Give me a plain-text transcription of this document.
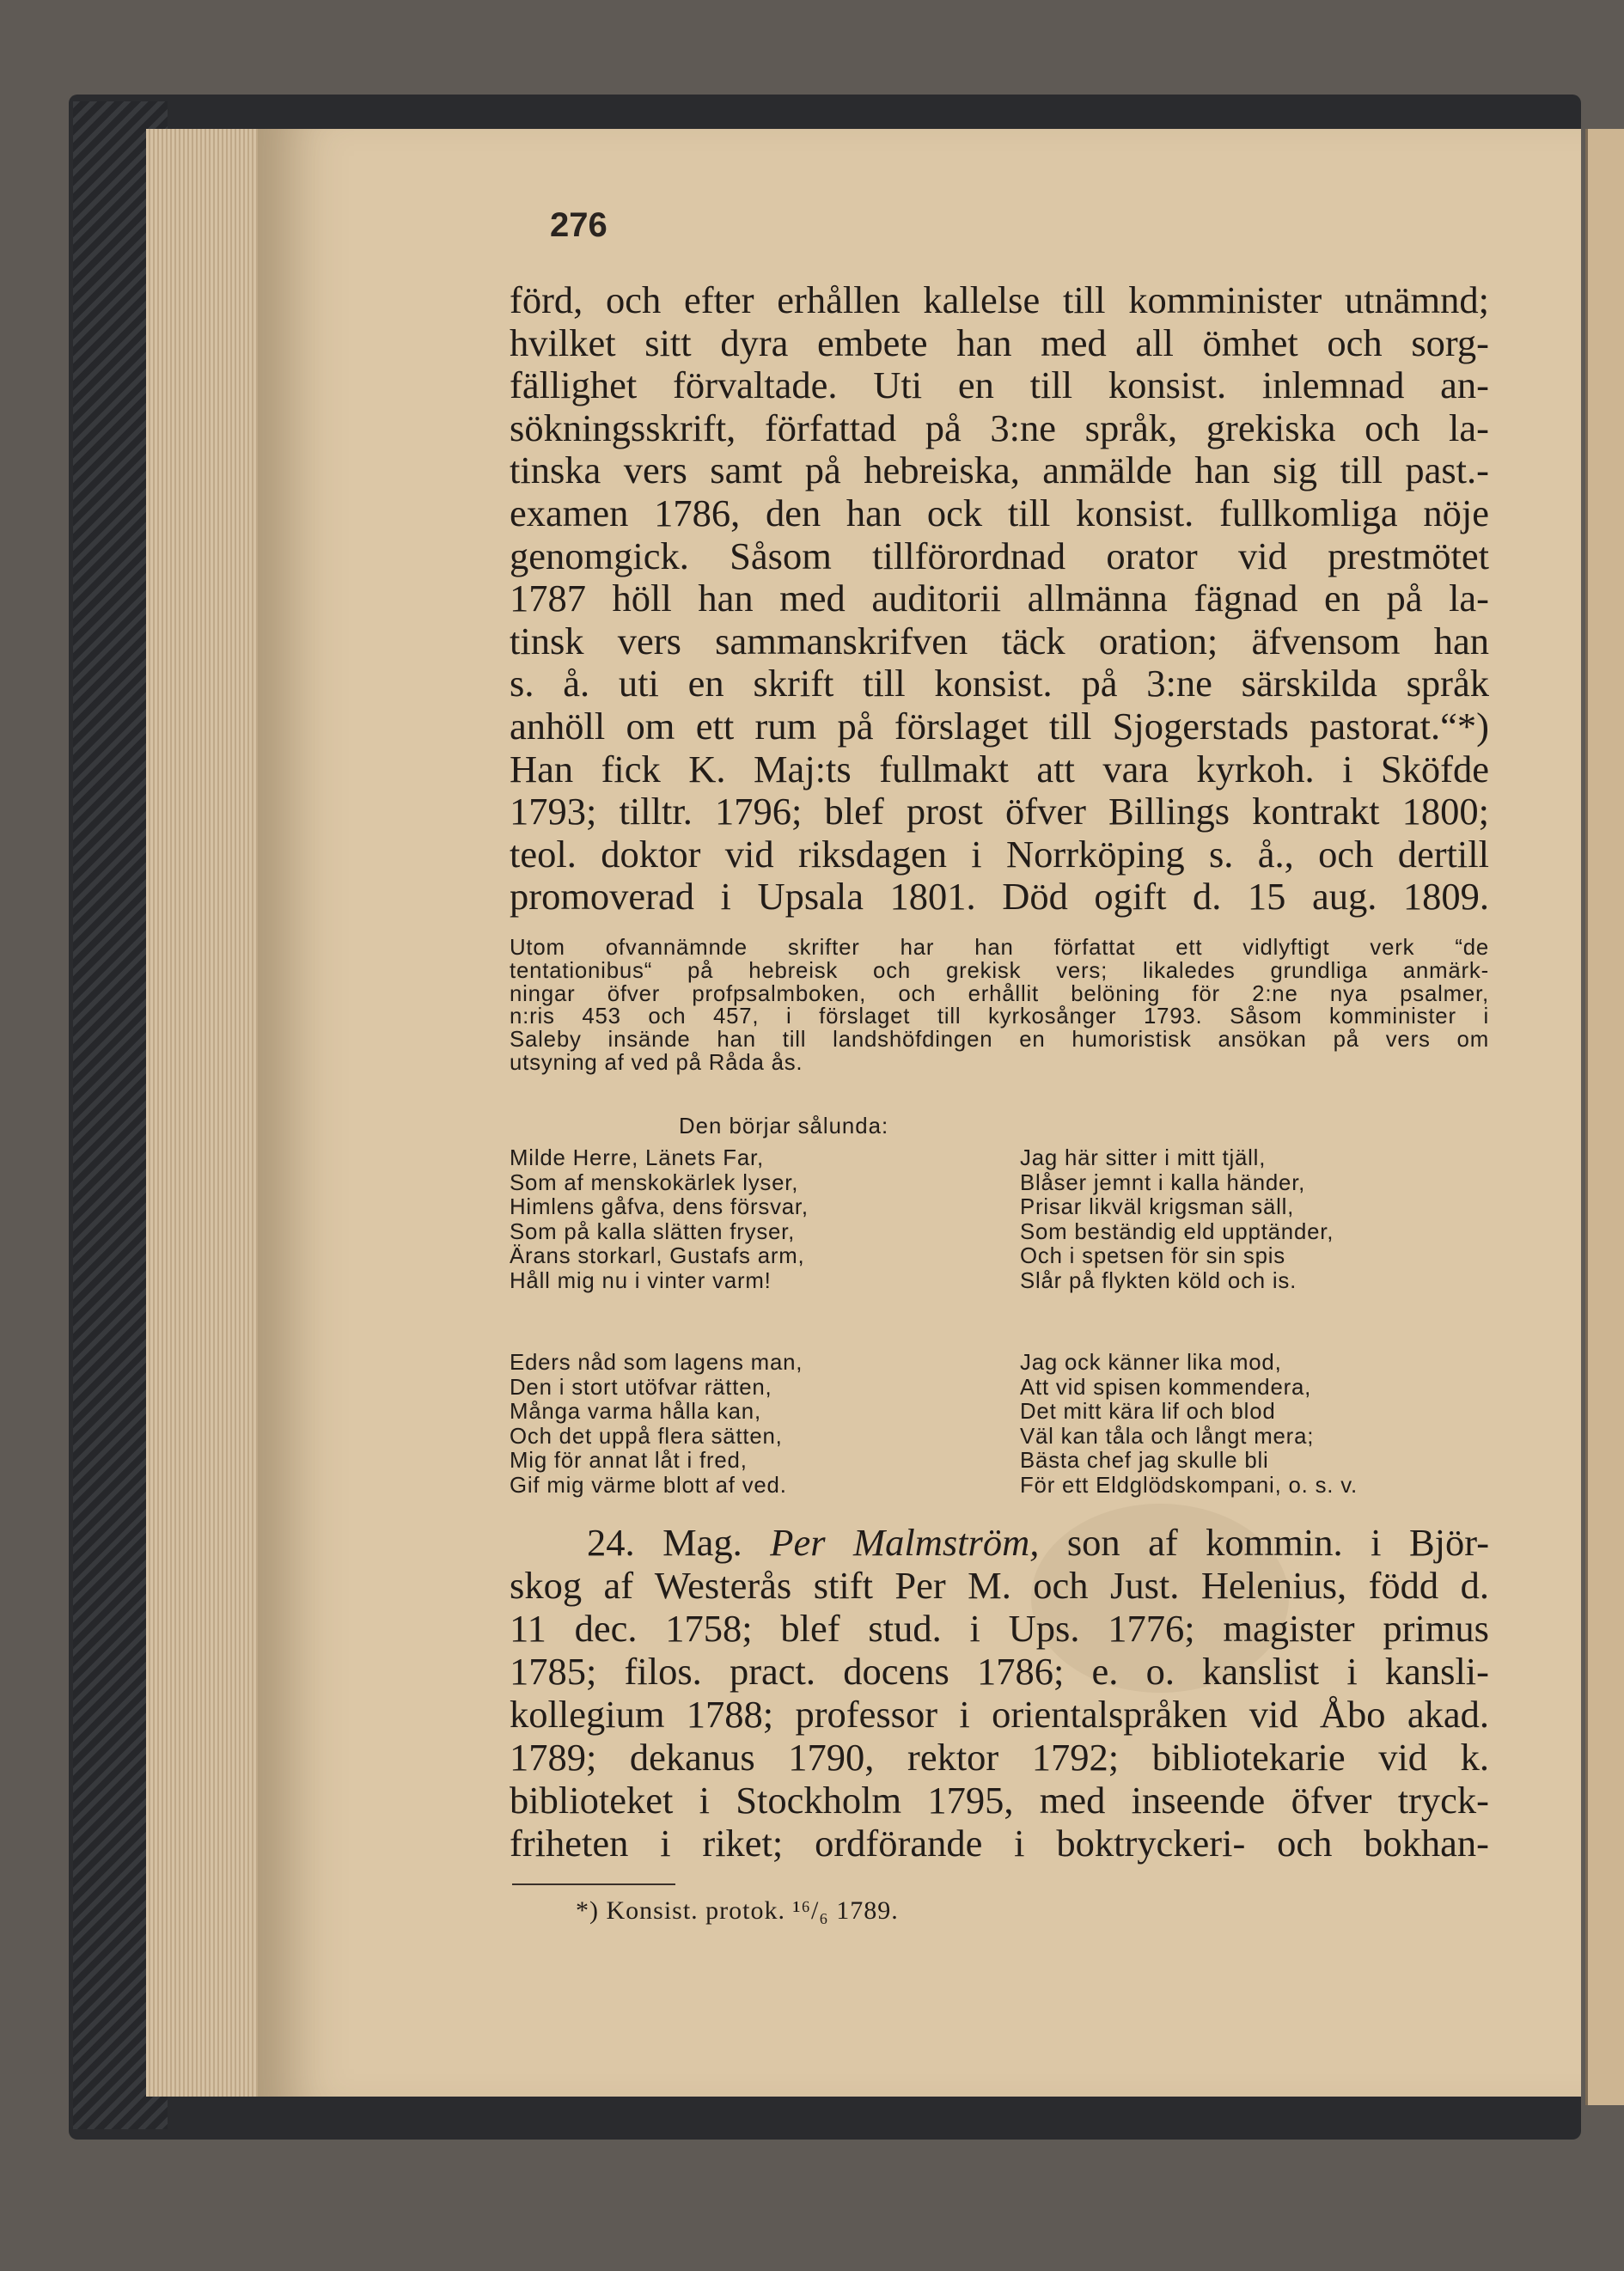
276
förd, och efter erhållen kallelse till komminister utnämnd;
hvilket sitt dyra embete han med all ömhet och sorg-
fällighet förvaltade. Uti en till konsist. inlemnad an-
sökningsskrift, författad på 3:ne språk, grekiska och la-
tinska vers samt på hebreiska, anmälde han sig till past.-
examen 1786, den han ock till konsist. fullkomliga nöje
genomgick. Såsom tillförordnad orator vid prestmötet
1787 höll han med auditorii allmänna fägnad en på la-
tinsk vers sammanskrifven täck oration; äfvensom han
s. å. uti en skrift till konsist. på 3:ne särskilda språk
anhöll om ett rum på förslaget till Sjogerstads pastorat.“*)
Han fick K. Maj:ts fullmakt att vara kyrkoh. i Sköfde
1793; tilltr. 1796; blef prost öfver Billings kontrakt 1800;
teol. doktor vid riksdagen i Norrköping s. å., och dertill
promoverad i Upsala 1801. Död ogift d. 15 aug. 1809.
Utom ofvannämnde skrifter har han författat ett vidlyftigt verk “de
tentationibus“ på hebreisk och grekisk vers; likaledes grundliga anmärk-
ningar öfver profpsalmboken, och erhållit belöning för 2:ne nya psalmer,
n:ris 453 och 457, i förslaget till kyrkosånger 1793. Såsom komminister i
Saleby insände han till landshöfdingen en humoristisk ansökan på vers om
utsyning af ved på Råda ås.
Den börjar sålunda:
Milde Herre, Länets Far,
Som af menskokärlek lyser,
Himlens gåfva, dens försvar,
Som på kalla slätten fryser,
Ärans storkarl, Gustafs arm,
Håll mig nu i vinter varm!
Jag här sitter i mitt tjäll,
Blåser jemnt i kalla händer,
Prisar likväl krigsman säll,
Som beständig eld upptänder,
Och i spetsen för sin spis
Slår på flykten köld och is.
Eders nåd som lagens man,
Den i stort utöfvar rätten,
Många varma hålla kan,
Och det uppå flera sätten,
Mig för annat låt i fred,
Gif mig värme blott af ved.
Jag ock känner lika mod,
Att vid spisen kommendera,
Det mitt kära lif och blod
Väl kan tåla och långt mera;
Bästa chef jag skulle bli
För ett Eldglödskompani, o. s. v.
24. Mag. Per Malmström, son af kommin. i Björ-
skog af Westerås stift Per M. och Just. Helenius, född d.
11 dec. 1758; blef stud. i Ups. 1776; magister primus
1785; filos. pract. docens 1786; e. o. kanslist i kansli-
kollegium 1788; professor i orientalspråken vid Åbo akad.
1789; dekanus 1790, rektor 1792; bibliotekarie vid k.
biblioteket i Stockholm 1795, med inseende öfver tryck-
friheten i riket; ordförande i boktryckeri- och bokhan-
*) Konsist. protok. ¹⁶/₆ 1789.
